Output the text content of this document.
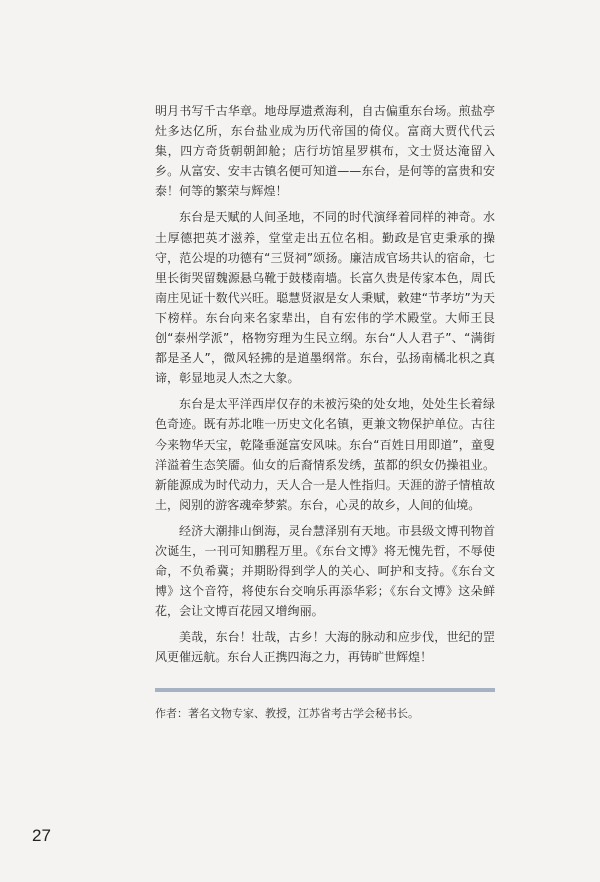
明月书写千古华章。地母厚遗煮海利，自古偏重东台场。煎盐亭灶多达亿所，东台盐业成为历代帝国的倚仪。富商大贾代代云集，四方奇货朝朝卸舱；店行坊馆星罗棋布，文士贤达淹留入乡。从富安、安丰古镇名便可知道——东台，是何等的富贵和安泰！何等的繁荣与辉煌！

东台是天赋的人间圣地，不同的时代演绎着同样的神奇。水土厚德把英才滋养，堂堂走出五位名相。勤政是官吏秉承的操守，范公堤的功德有“三贤祠”颂扬。廉洁成官场共认的宿命，七里长街哭留魏源悬乌靴于鼓楼南墙。长富久贵是传家本色，周氏南庄见证十数代兴旺。聪慧贤淑是女人秉赋，敕建“节孝坊”为天下榜样。东台向来名家辈出，自有宏伟的学术殿堂。大师王艮创“泰州学派”，格物穷理为生民立纲。东台“人人君子”、“满街都是圣人”，微风轻拂的是道墨纲常。东台，弘扬南橘北枳之真谛，彰显地灵人杰之大象。

东台是太平洋西岸仅存的未被污染的处女地，处处生长着绿色奇迹。既有苏北唯一历史文化名镇，更兼文物保护单位。古往今来物华天宝，乾隆垂涎富安风味。东台“百姓日用即道”，童叟洋溢着生态笑靥。仙女的后裔情系发绣，茧都的织女仍操祖业。新能源成为时代动力，天人合一是人性指归。天涯的游子情植故土，阅别的游客魂牵梦萦。东台，心灵的故乡，人间的仙境。

经济大潮排山倒海，灵台慧泽别有天地。市县级文博刊物首次诞生，一刊可知鹏程万里。《东台文博》将无愧先哲，不辱使命，不负希冀；并期盼得到学人的关心、呵护和支持。《东台文博》这个音符，将使东台交响乐再添华彩；《东台文博》这朵鲜花，会让文博百花园又增绚丽。

美哉，东台！壮哉，古乡！大海的脉动和应步伐，世纪的罡风更催远航。东台人正携四海之力，再铸旷世辉煌！

作者：著名文物专家、教授，江苏省考古学会秘书长。
27
